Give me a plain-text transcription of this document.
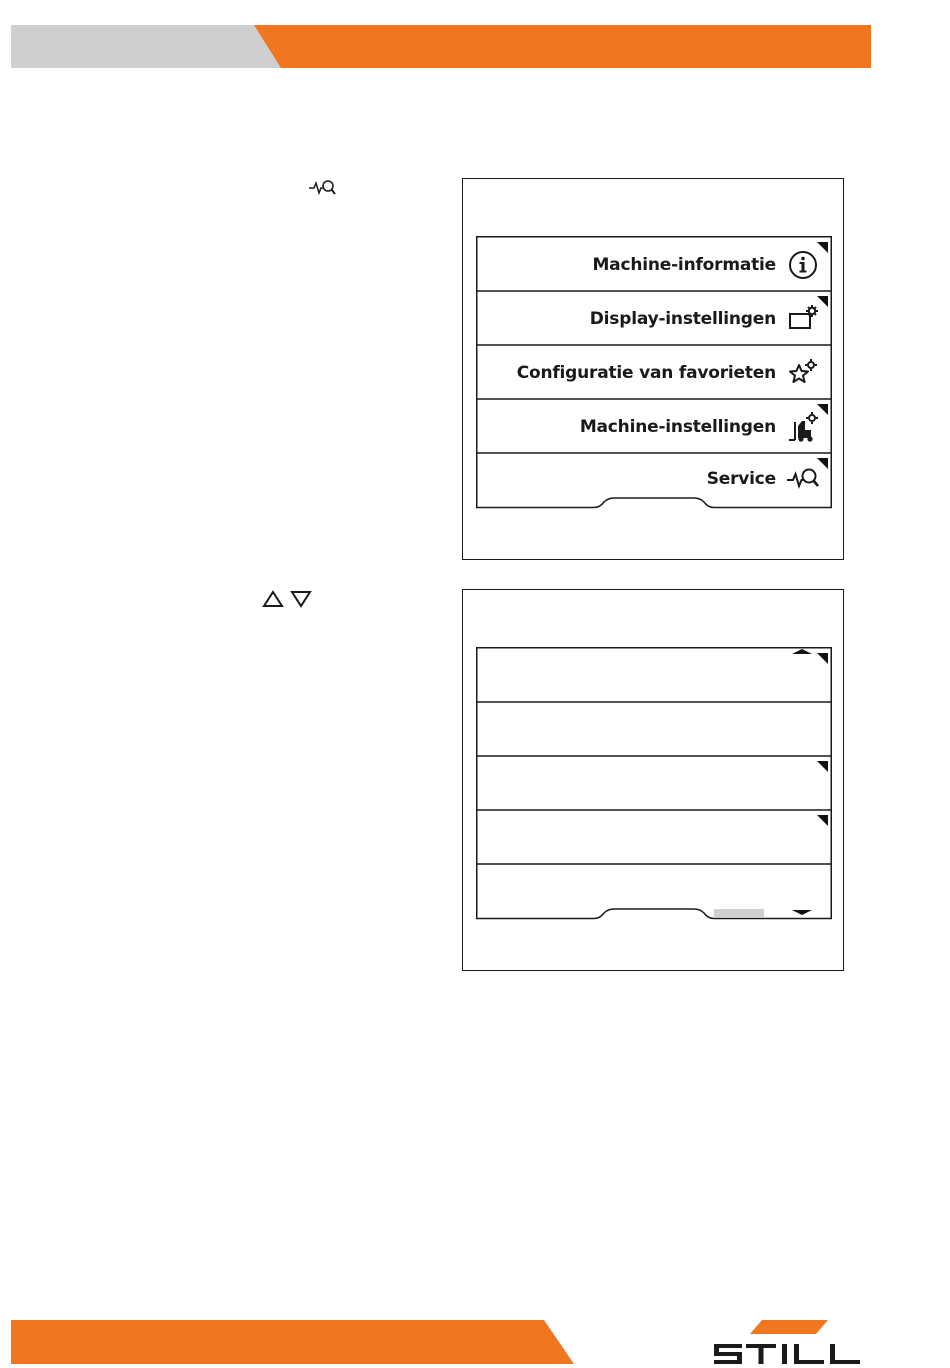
Machine-informatie
Display-instellingen
Configuratie van favorieten
Machine-instellingen
Service
